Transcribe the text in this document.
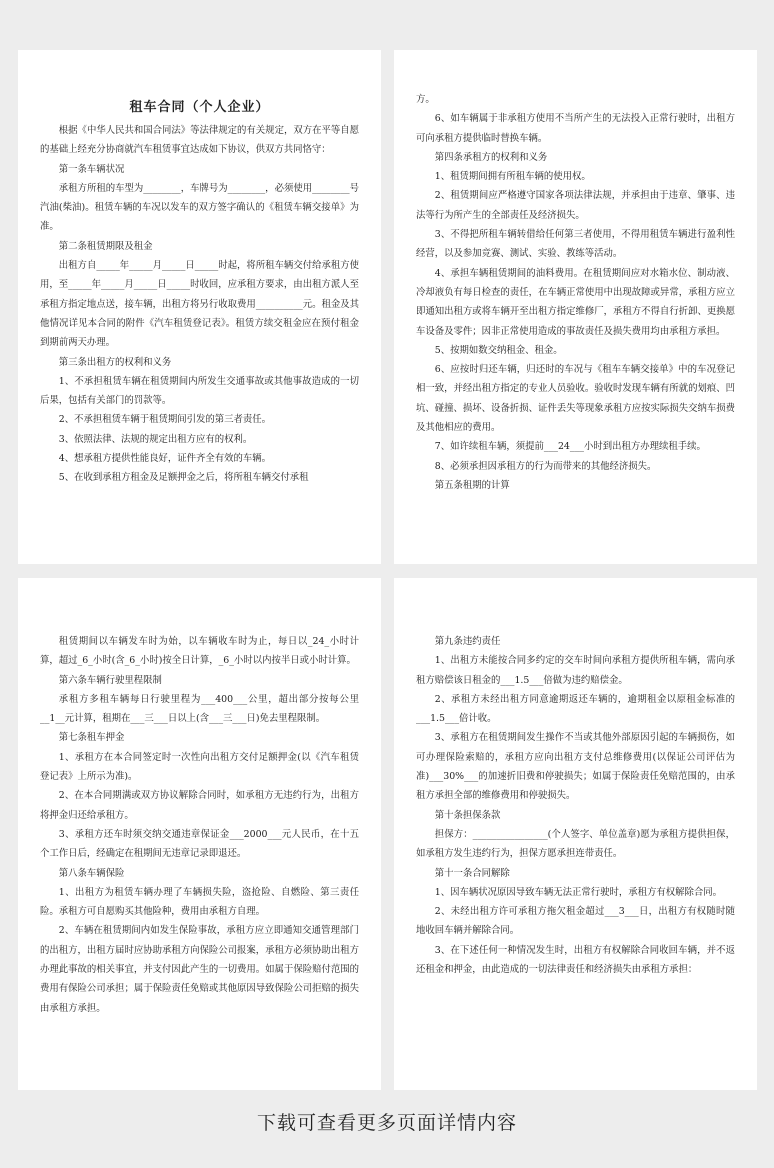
租车合同（个人企业）

根据《中华人民共和国合同法》等法律规定的有关规定，双方在平等自愿的基础上经充分协商就汽车租赁事宜达成如下协议，供双方共同恪守：

第一条车辆状况

承租方所租的车型为________，车牌号为________，必须使用________号汽油(柴油)。租赁车辆的车况以发车的双方签字确认的《租赁车辆交接单》为准。

第二条租赁期限及租金

出租方自_____年_____月_____日_____时起，将所租车辆交付给承租方使用，至_____年_____月_____日_____时收回，应承租方要求，由出租方派人至承租方指定地点送，接车辆，出租方将另行收取费用__________元。租金及其他情况详见本合同的附件《汽车租赁登记表》。租赁方续交租金应在预付租金到期前两天办理。

第三条出租方的权利和义务

1、不承担租赁车辆在租赁期间内所发生交通事故或其他事故造成的一切后果，包括有关部门的罚款等。

2、不承担租赁车辆于租赁期间引发的第三者责任。

3、依照法律、法规的规定出租方应有的权利。

4、想承租方提供性能良好，证件齐全有效的车辆。

5、在收到承租方租金及足额押金之后，将所租车辆交付承租

方。

6、如车辆属于非承租方使用不当所产生的无法投入正常行驶时，出租方可向承租方提供临时替换车辆。

第四条承租方的权利和义务

1、租赁期间拥有所租车辆的使用权。

2、租赁期间应严格遵守国家各项法律法规，并承担由于违章、肇事、违法等行为所产生的全部责任及经济损失。

3、不得把所租车辆转借给任何第三者使用，不得用租赁车辆进行盈利性经营，以及参加竞赛、测试、实验、教练等活动。

4、承担车辆租赁期间的油料费用。在租赁期间应对水箱水位、制动液、冷却液负有每日检查的责任，在车辆正常使用中出现故障或异常，承租方应立即通知出租方或将车辆开至出租方指定维修厂，承租方不得自行折卸、更换愿车设备及零件；因非正常使用造成的事故责任及损失费用均由承租方承担。

5、按期如数交纳租金、租金。

6、应按时归还车辆，归还时的车况与《租车车辆交接单》中的车况登记相一致，并经出租方指定的专业人员验收。验收时发现车辆有所就的划痕、凹坑、碰撞、损坏、设备折损、证件丢失等现象承租方应按实际损失交纳车损费及其他相应的费用。

7、如许续租车辆，须提前___24___小时到出租方办理续租手续。

8、必须承担因承租方的行为而带来的其他经济损失。

第五条租期的计算

租赁期间以车辆发车时为始，以车辆收车时为止，每日以_24_小时计算，超过_6_小时(含_6_小时)按全日计算，_6_小时以内按半日或小时计算。

第六条车辆行驶里程限制

承租方多租车辆每日行驶里程为___400___公里，超出部分按每公里__1__元计算，租期在___三___日以上(含___三___日)免去里程限制。

第七条租车押金

1、承租方在本合同签定时一次性向出租方交付足额押金(以《汽车租赁登记表》上所示为准)。

2、在本合同期满或双方协议解除合同时，如承租方无违约行为，出租方将押金归还给承租方。

3、承租方还车时须交纳交通违章保证金___2000___元人民币，在十五个工作日后，经确定在租期间无违章记录即退还。

第八条车辆保险

1、出租方为租赁车辆办理了车辆损失险，盗抢险、自燃险、第三责任险。承租方可自愿购买其他险种，费用由承租方自理。

2、车辆在租赁期间内如发生保险事故，承租方应立即通知交通管理部门的出租方，出租方届时应协助承租方向保险公司报案，承租方必须协助出租方办理此事故的相关事宜，并支付因此产生的一切费用。如属于保险赔付范围的费用有保险公司承担；属于保险责任免赔或其他原因导致保险公司拒赔的损失由承租方承担。

第九条违约责任

1、出租方未能按合同多约定的交车时间向承租方提供所租车辆，需向承租方赔偿该日租金的___1.5___倍做为违约赔偿金。

2、承租方未经出租方同意逾期返还车辆的，逾期租金以原租金标准的___1.5___倍计收。

3、承租方在租赁期间发生操作不当或其他外部原因引起的车辆损伤，如可办理保险索赔的，承租方应向出租方支付总维修费用(以保证公司评估为准)___30%___的加速折旧费和停驶损失；如属于保险责任免赔范围的，由承租方承担全部的维修费用和停驶损失。

第十条担保条款

担保方：________________(个人签字、单位盖章)愿为承租方提供担保，如承租方发生违约行为，担保方愿承担连带责任。

第十一条合同解除

1、因车辆状况原因导致车辆无法正常行驶时，承租方有权解除合同。

2、未经出租方许可承租方拖欠租金超过___3___日，出租方有权随时随地收回车辆并解除合同。

3、在下述任何一种情况发生时，出租方有权解除合同收回车辆，并不返还租金和押金，由此造成的一切法律责任和经济损失由承租方承担：

下载可查看更多页面详情内容
